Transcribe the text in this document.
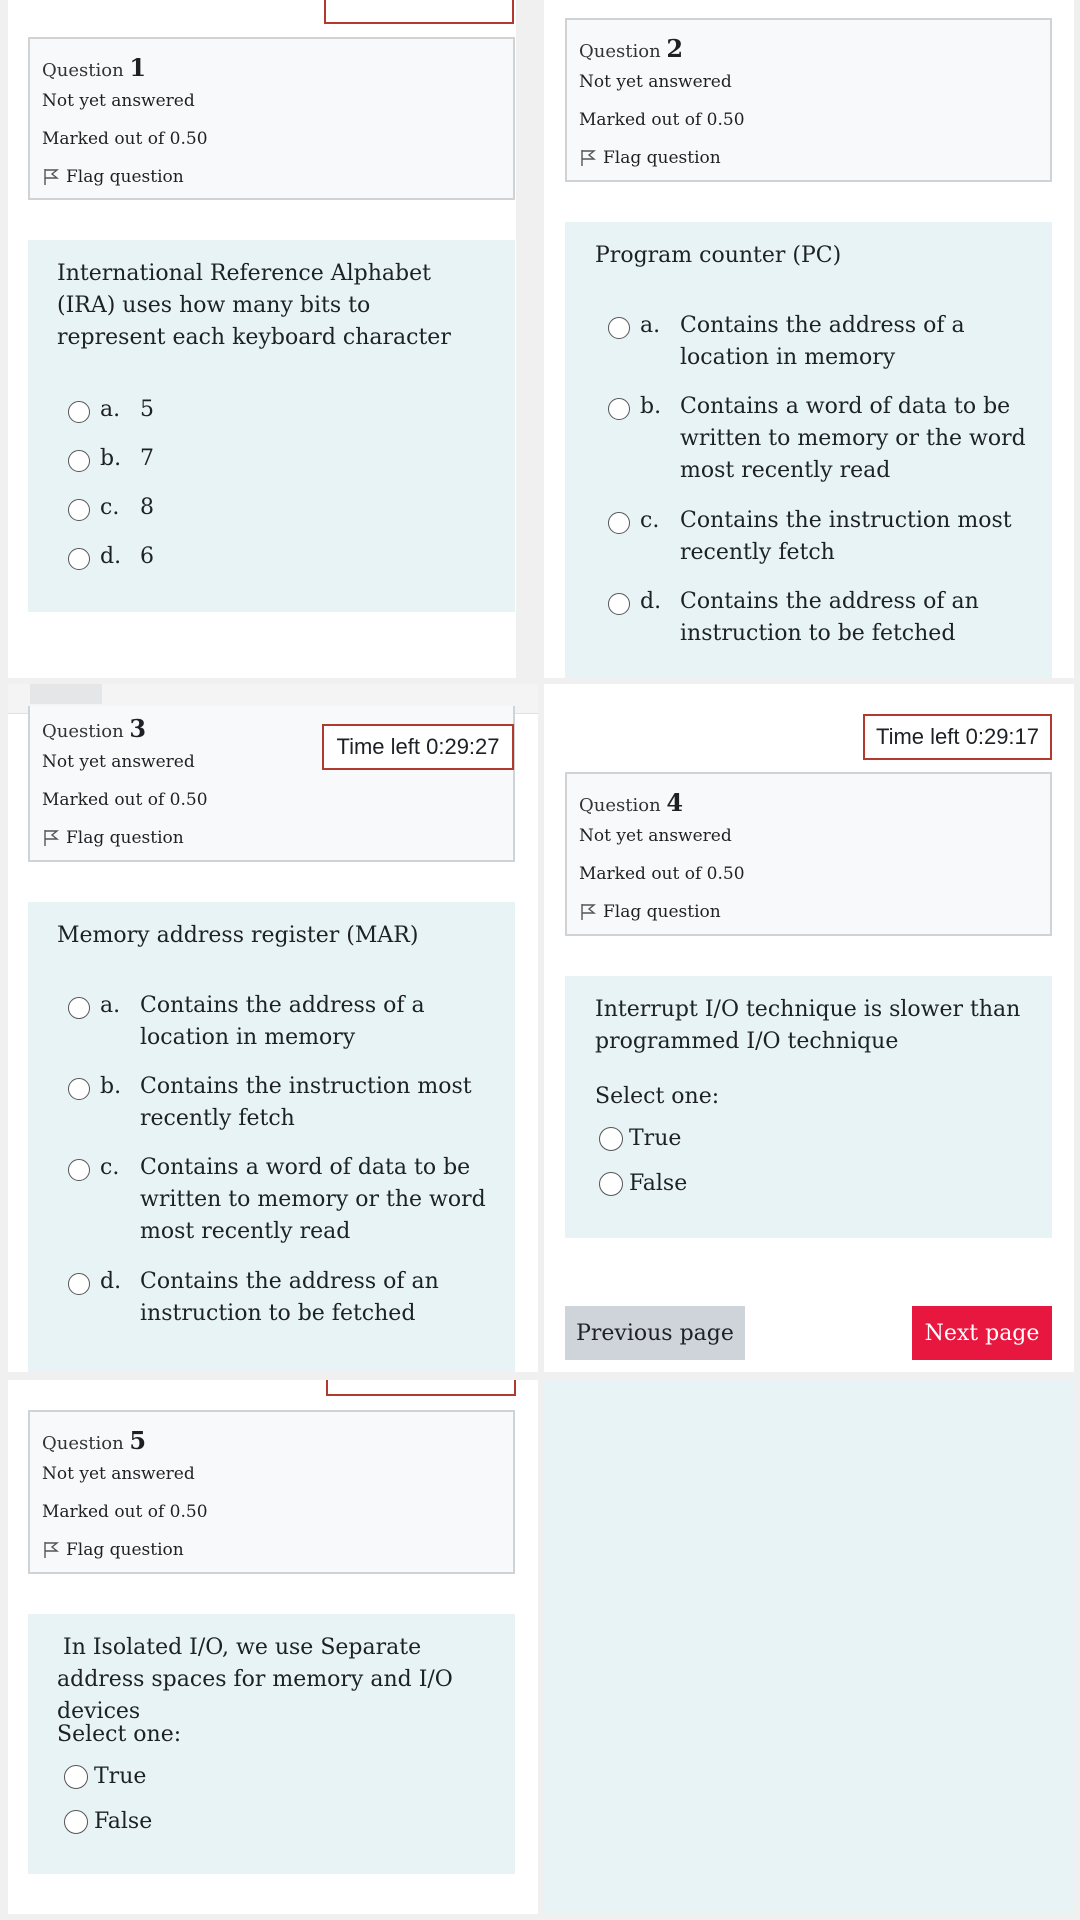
Question 1
Not yet answered
Marked out of 0.50
Flag question
International Reference Alphabet (IRA) uses how many bits to represent each keyboard character
a. 5
b. 7
c. 8
d. 6
Question 2
Not yet answered
Marked out of 0.50
Flag question
Program counter (PC)
a. Contains the address of a location in memory
b. Contains a word of data to be written to memory or the word most recently read
c. Contains the instruction most recently fetch
d. Contains the address of an instruction to be fetched
Question 3
Not yet answered
Marked out of 0.50
Flag question
Time left 0:29:27
Memory address register (MAR)
a. Contains the address of a location in memory
b. Contains the instruction most recently fetch
c. Contains a word of data to be written to memory or the word most recently read
d. Contains the address of an instruction to be fetched
Time left 0:29:17
Question 4
Not yet answered
Marked out of 0.50
Flag question
Interrupt I/O technique is slower than programmed I/O technique
Select one:
True
False
Previous page	Next page
Question 5
Not yet answered
Marked out of 0.50
Flag question
In Isolated I/O, we use Separate address spaces for memory and I/O devices
Select one:
True
False
